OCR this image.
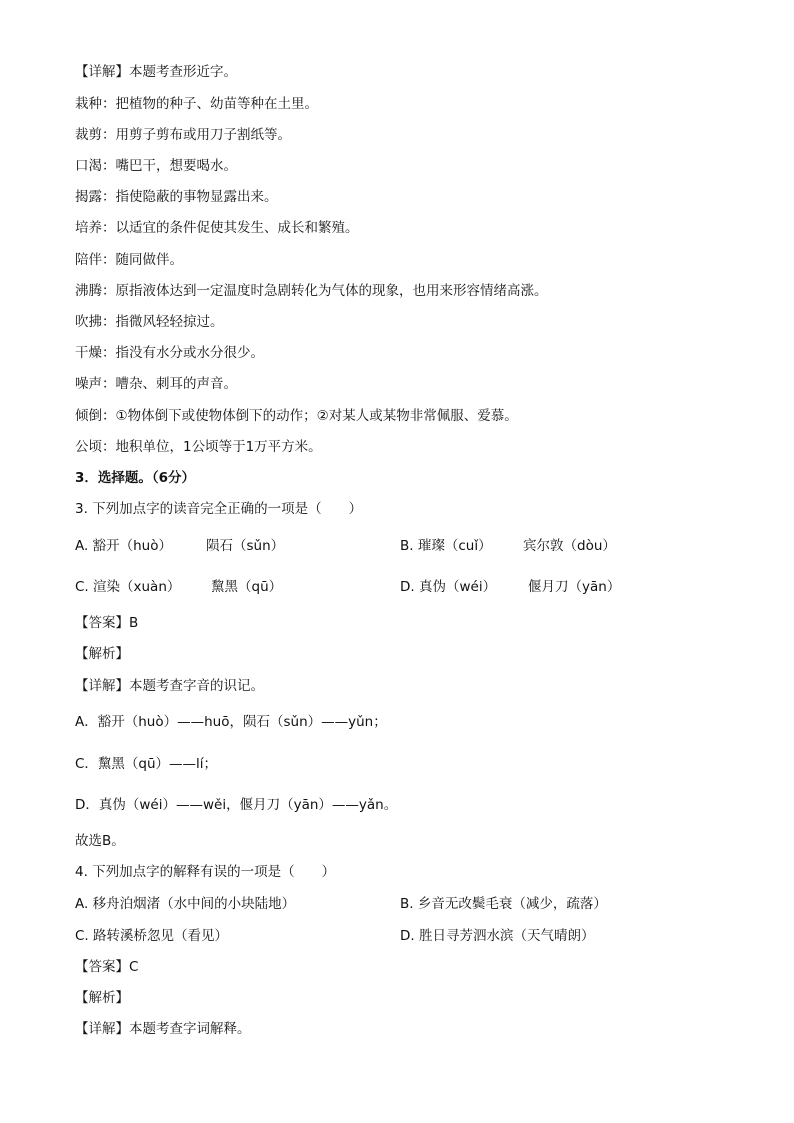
【详解】本题考查形近字。
栽种：把植物的种子、幼苗等种在土里。
裁剪：用剪子剪布或用刀子割纸等。
口渴：嘴巴干，想要喝水。
揭露：指使隐蔽的事物显露出来。
培养：以适宜的条件促使其发生、成长和繁殖。
陪伴：随同做伴。
沸腾：原指液体达到一定温度时急剧转化为气体的现象，也用来形容情绪高涨。
吹拂：指微风轻轻掠过。
干燥：指没有水分或水分很少。
噪声：嘈杂、刺耳的声音。
倾倒：①物体倒下或使物体倒下的动作；②对某人或某物非常佩服、爱慕。
公顷：地积单位，1公顷等于1万平方米。
3．选择题。（6分）
3. 下列加点字的读音完全正确的一项是（　　）
A. 豁开（huò）	陨石（sǔn）	B. 璀璨（cuǐ） 宾尔敦（dòu）
C. 渲染（xuàn） 黧黑（qū）	D. 真伪（wéi） 偃月刀（yān）
【答案】B
【解析】
【详解】本题考查字音的识记。
A．豁开（huò）——huō，陨石（sǔn）——yǔn；
C．黧黑（qū）——lí；
D．真伪（wéi）——wěi，偃月刀（yān）——yǎn。
故选B。
4. 下列加点字的解释有误的一项是（　　）
A. 移舟泊烟渚（水中间的小块陆地）	B. 乡音无改鬓毛衰（减少，疏落）
C. 路转溪桥忽见（看见）	D. 胜日寻芳泗水滨（天气晴朗）
【答案】C
【解析】
【详解】本题考查字词解释。
